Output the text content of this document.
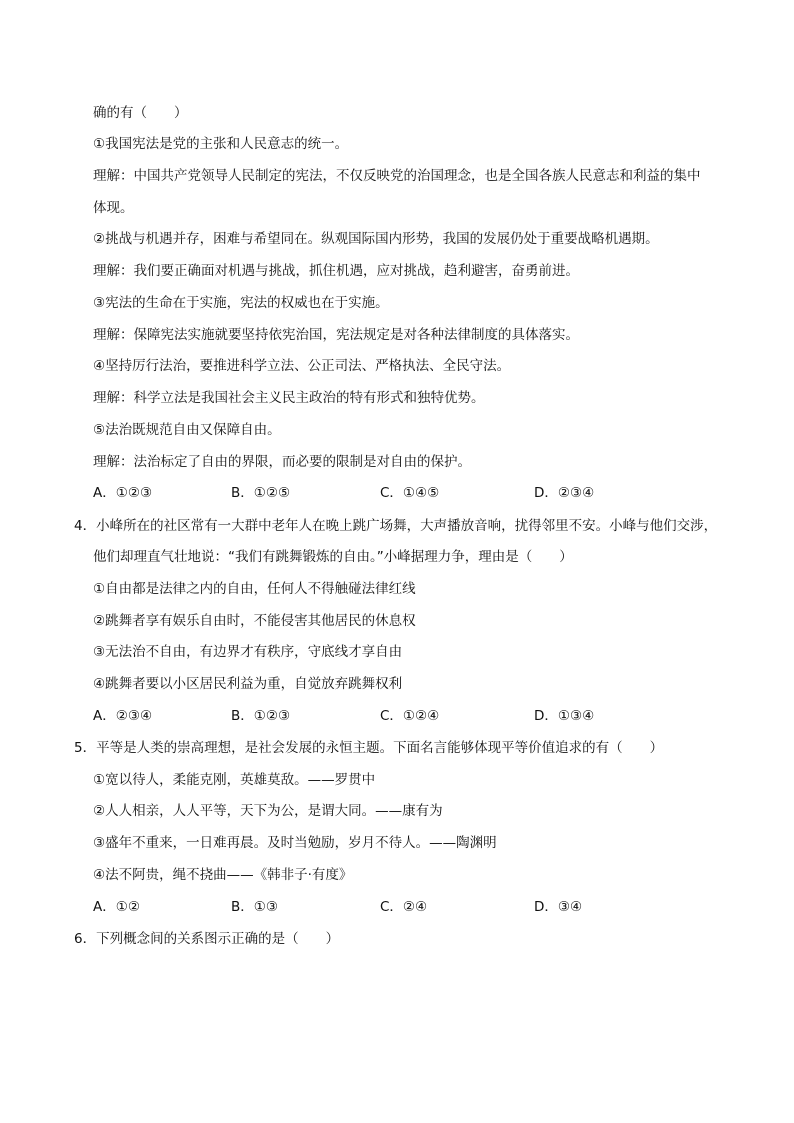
确的有（　　）
①我国宪法是党的主张和人民意志的统一。
理解：中国共产党领导人民制定的宪法，不仅反映党的治国理念，也是全国各族人民意志和利益的集中
体现。
②挑战与机遇并存，困难与希望同在。纵观国际国内形势，我国的发展仍处于重要战略机遇期。
理解：我们要正确面对机遇与挑战，抓住机遇，应对挑战，趋利避害，奋勇前进。
③宪法的生命在于实施，宪法的权威也在于实施。
理解：保障宪法实施就要坚持依宪治国，宪法规定是对各种法律制度的具体落实。
④坚持厉行法治，要推进科学立法、公正司法、严格执法、全民守法。
理解：科学立法是我国社会主义民主政治的特有形式和独特优势。
⑤法治既规范自由又保障自由。
理解：法治标定了自由的界限，而必要的限制是对自由的保护。
A．①②③	B．①②⑤	C．①④⑤	D．②③④
4．小峰所在的社区常有一大群中老年人在晚上跳广场舞，大声播放音响，扰得邻里不安。小峰与他们交涉，
他们却理直气壮地说：“我们有跳舞锻炼的自由。”小峰据理力争，理由是（　　）
①自由都是法律之内的自由，任何人不得触碰法律红线
②跳舞者享有娱乐自由时，不能侵害其他居民的休息权
③无法治不自由，有边界才有秩序，守底线才享自由
④跳舞者要以小区居民利益为重，自觉放弃跳舞权利
A．②③④	B．①②③	C．①②④	D．①③④
5．平等是人类的崇高理想，是社会发展的永恒主题。下面名言能够体现平等价值追求的有（　　）
①宽以待人，柔能克刚，英雄莫敌。——罗贯中
②人人相亲，人人平等，天下为公，是谓大同。——康有为
③盛年不重来，一日难再晨。及时当勉励，岁月不待人。——陶渊明
④法不阿贵，绳不挠曲——《韩非子·有度》
A．①②	B．①③	C．②④	D．③④
6．下列概念间的关系图示正确的是（　　）
